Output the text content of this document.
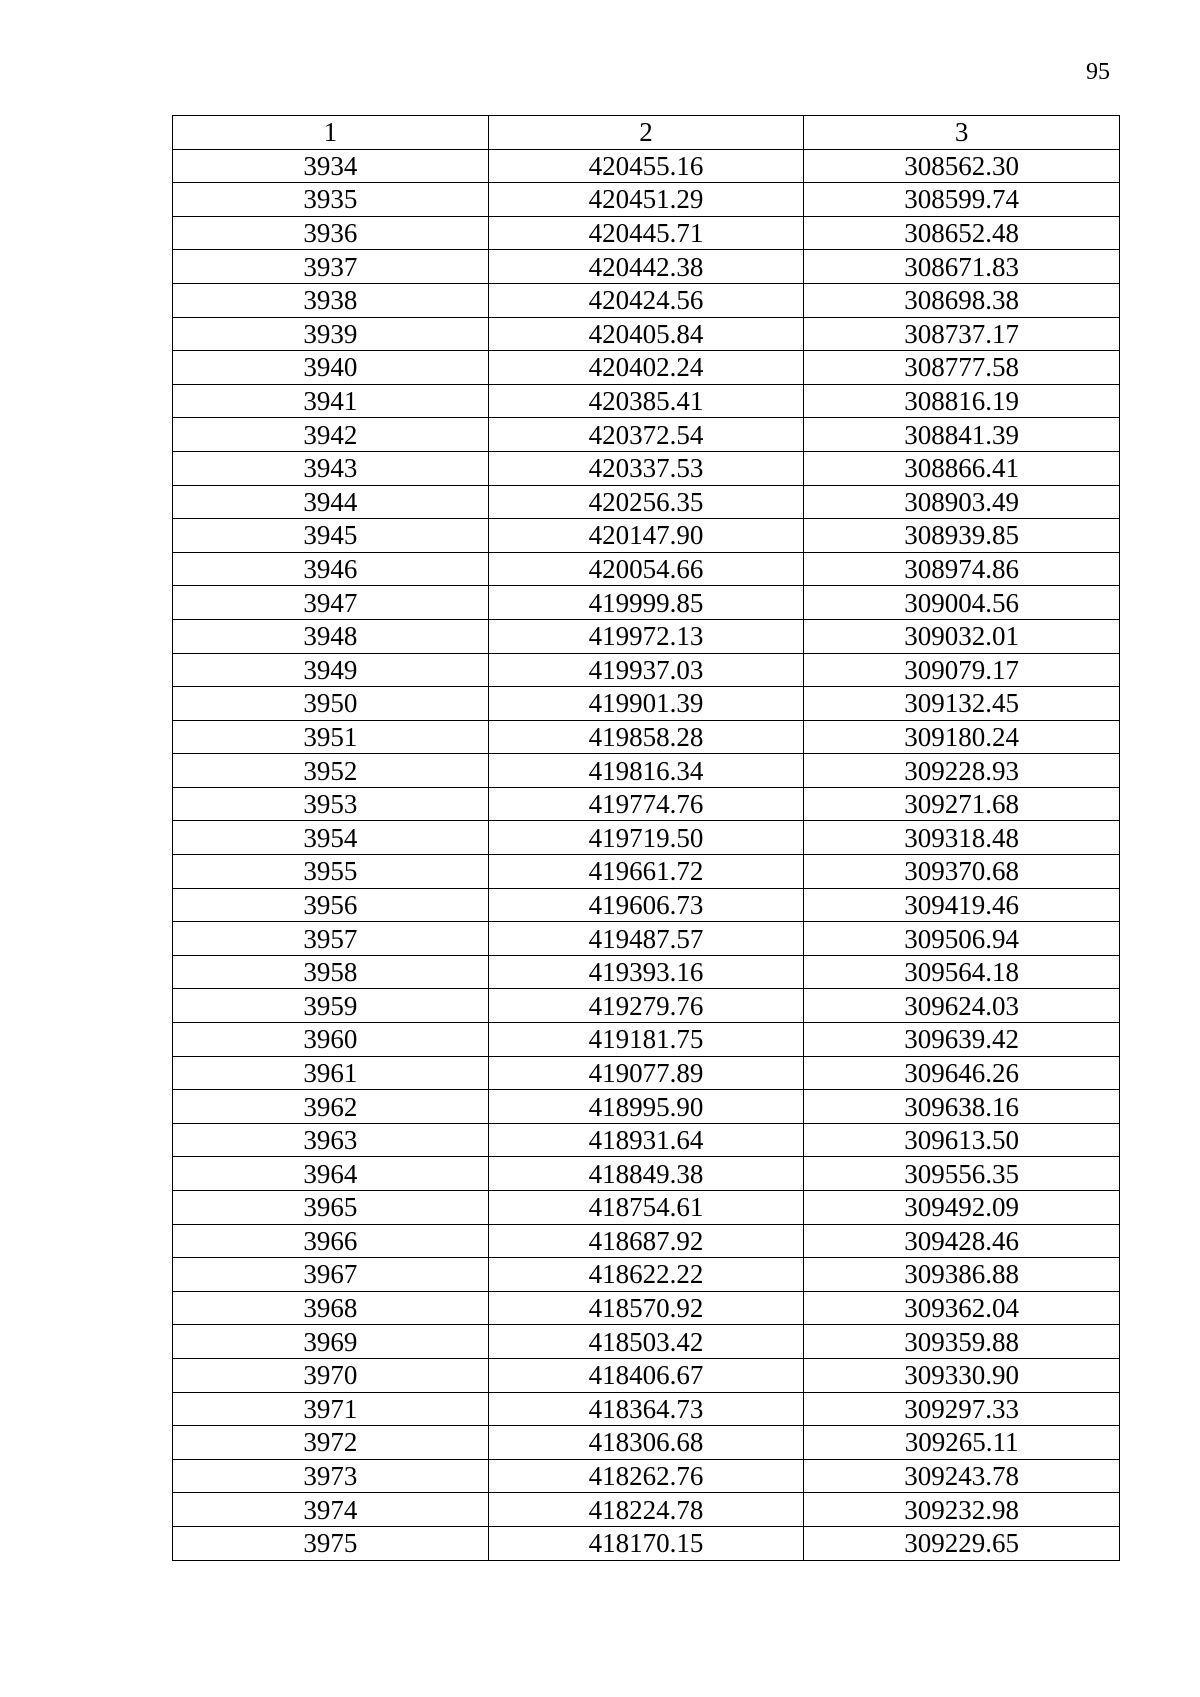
95
1	2	3
3934	420455.16	308562.30
3935	420451.29	308599.74
3936	420445.71	308652.48
3937	420442.38	308671.83
3938	420424.56	308698.38
3939	420405.84	308737.17
3940	420402.24	308777.58
3941	420385.41	308816.19
3942	420372.54	308841.39
3943	420337.53	308866.41
3944	420256.35	308903.49
3945	420147.90	308939.85
3946	420054.66	308974.86
3947	419999.85	309004.56
3948	419972.13	309032.01
3949	419937.03	309079.17
3950	419901.39	309132.45
3951	419858.28	309180.24
3952	419816.34	309228.93
3953	419774.76	309271.68
3954	419719.50	309318.48
3955	419661.72	309370.68
3956	419606.73	309419.46
3957	419487.57	309506.94
3958	419393.16	309564.18
3959	419279.76	309624.03
3960	419181.75	309639.42
3961	419077.89	309646.26
3962	418995.90	309638.16
3963	418931.64	309613.50
3964	418849.38	309556.35
3965	418754.61	309492.09
3966	418687.92	309428.46
3967	418622.22	309386.88
3968	418570.92	309362.04
3969	418503.42	309359.88
3970	418406.67	309330.90
3971	418364.73	309297.33
3972	418306.68	309265.11
3973	418262.76	309243.78
3974	418224.78	309232.98
3975	418170.15	309229.65
